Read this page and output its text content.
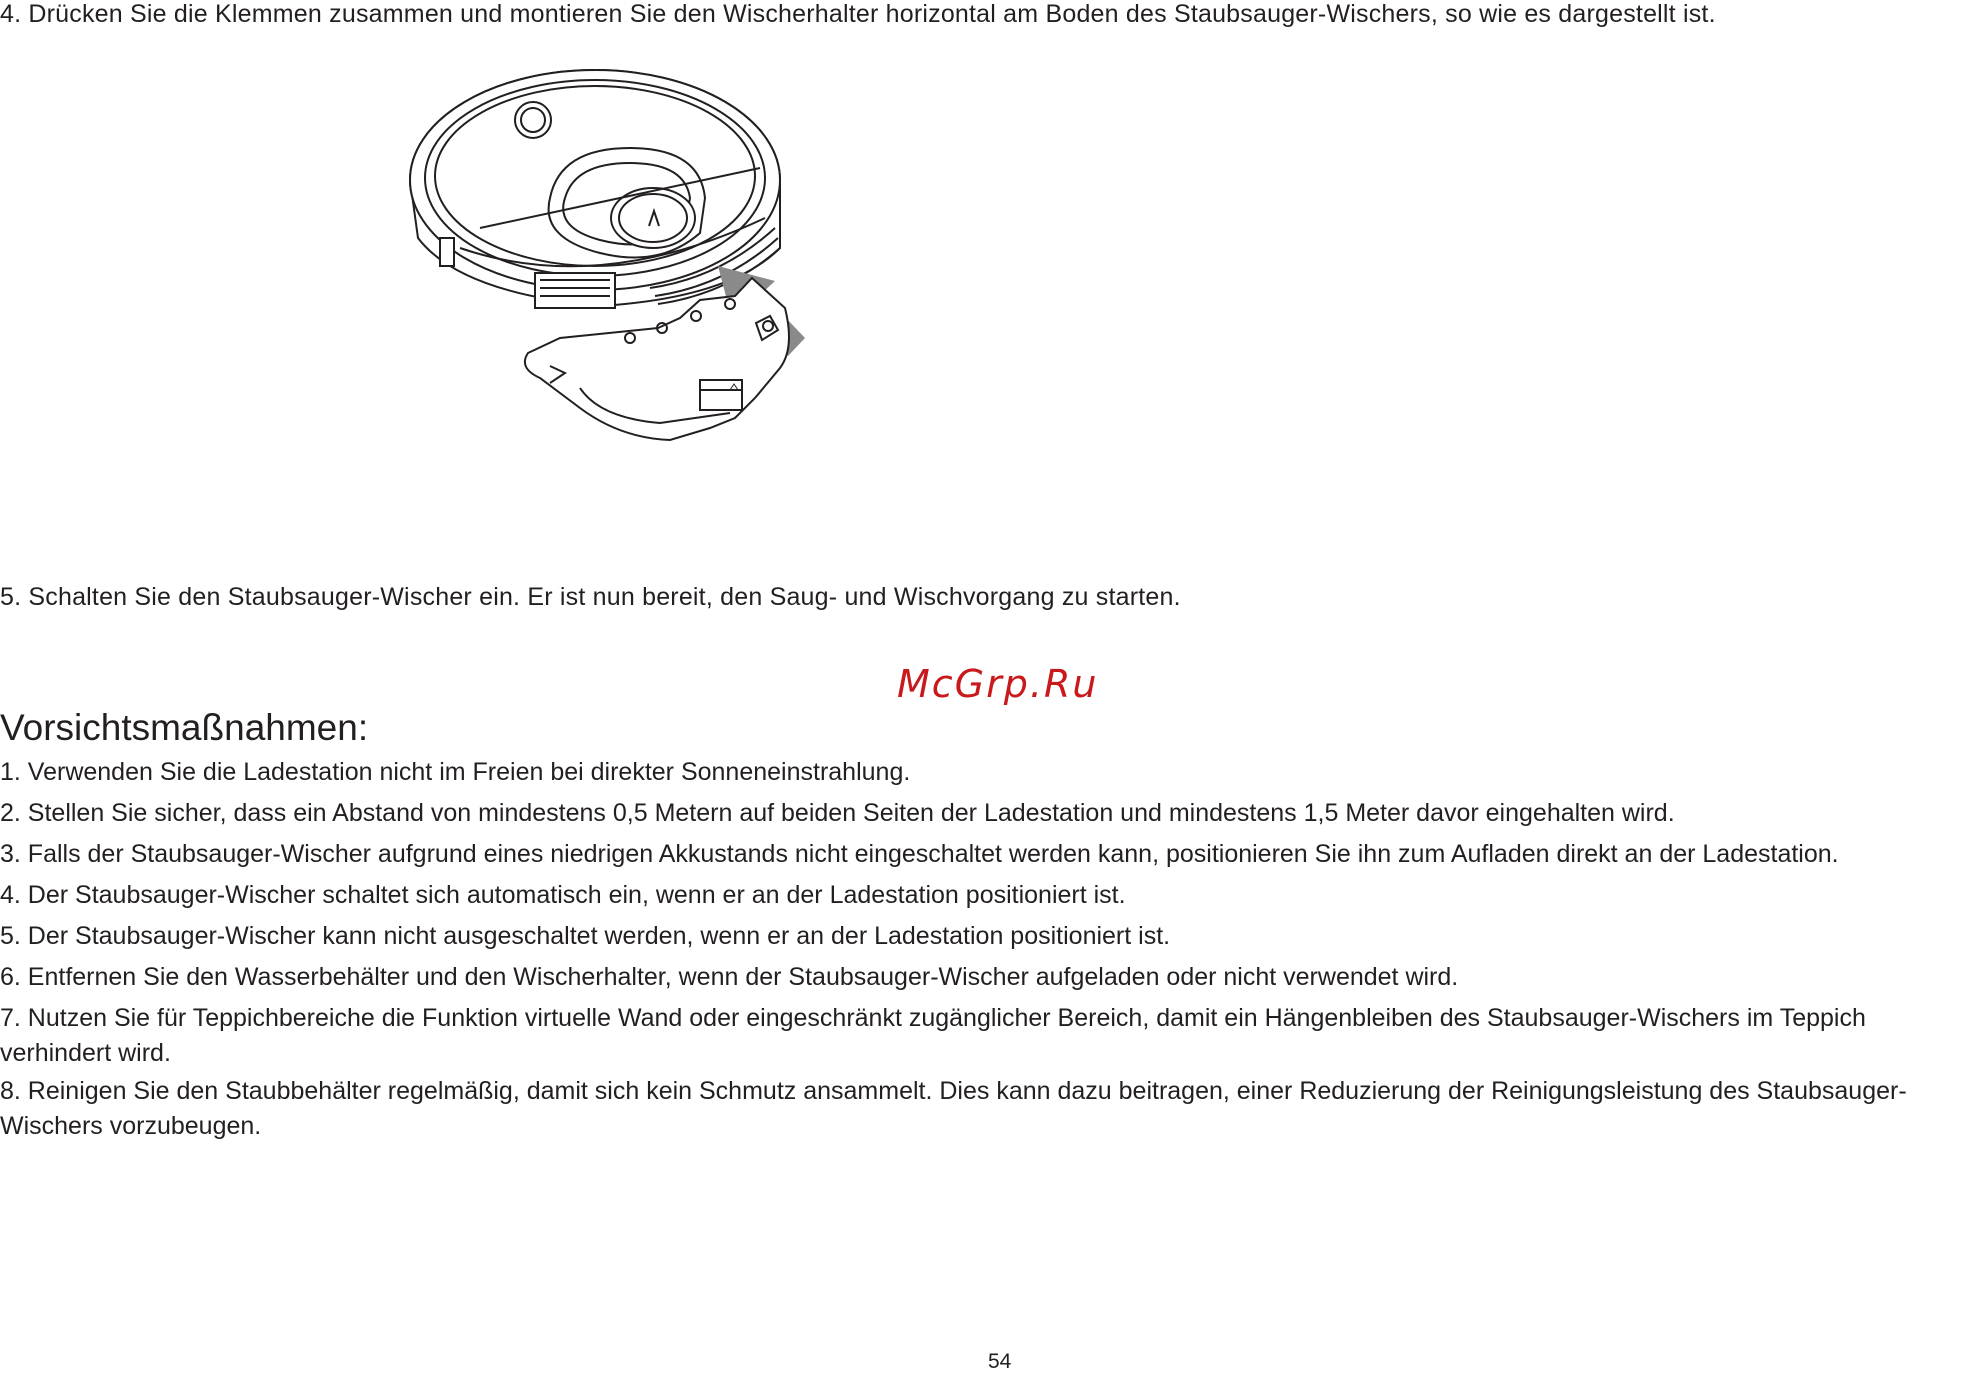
4. Drücken Sie die Klemmen zusammen und montieren Sie den Wischerhalter horizontal am Boden des Staubsauger-Wischers, so wie es dargestellt ist.
5. Schalten Sie den Staubsauger-Wischer ein. Er ist nun bereit, den Saug- und Wischvorgang zu starten.
McGrp.Ru
Vorsichtsmaßnahmen:
1. Verwenden Sie die Ladestation nicht im Freien bei direkter Sonneneinstrahlung.
2. Stellen Sie sicher, dass ein Abstand von mindestens 0,5 Metern auf beiden Seiten der Ladestation und mindestens 1,5 Meter davor eingehalten wird.
3. Falls der Staubsauger-Wischer aufgrund eines niedrigen Akkustands nicht eingeschaltet werden kann, positionieren Sie ihn zum Aufladen direkt an der Ladestation.
4. Der Staubsauger-Wischer schaltet sich automatisch ein, wenn er an der Ladestation positioniert ist.
5. Der Staubsauger-Wischer kann nicht ausgeschaltet werden, wenn er an der Ladestation positioniert ist.
6. Entfernen Sie den Wasserbehälter und den Wischerhalter, wenn der Staubsauger-Wischer aufgeladen oder nicht verwendet wird.
7. Nutzen Sie für Teppichbereiche die Funktion virtuelle Wand oder eingeschränkt zugänglicher Bereich, damit ein Hängenbleiben des Staubsauger-Wischers im Teppich verhindert wird.
8. Reinigen Sie den Staubbehälter regelmäßig, damit sich kein Schmutz ansammelt. Dies kann dazu beitragen, einer Reduzierung der Reinigungsleistung des Staubsauger-Wischers vorzubeugen.
54
